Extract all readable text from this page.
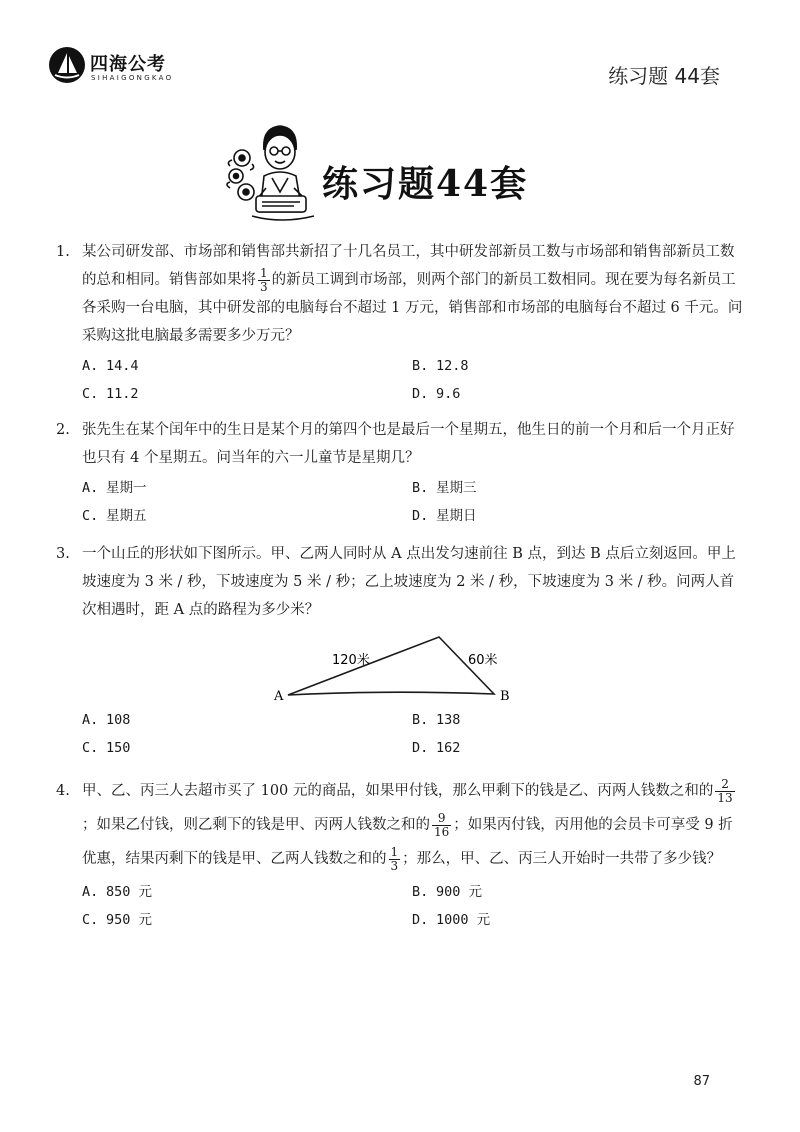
四海公考
SIHAIGONGKAO	练习题 44套
练习题44套
1. 某公司研发部、市场部和销售部共新招了十几名员工，其中研发部新员工数与市场部和销售部新员工数的总和相同。销售部如果将 $\frac{1}{3}$ 的新员工调到市场部，则两个部门的新员工数相同。现在要为每名新员工各采购一台电脑，其中研发部的电脑每台不超过 1 万元，销售部和市场部的电脑每台不超过 6 千元。问采购这批电脑最多需要多少万元？
A. 14.4	B. 12.8
C. 11.2	D. 9.6
2. 张先生在某个闰年中的生日是某个月的第四个也是最后一个星期五，他生日的前一个月和后一个月正好也只有 4 个星期五。问当年的六一儿童节是星期几？
A. 星期一	B. 星期三
C. 星期五	D. 星期日
3. 一个山丘的形状如下图所示。甲、乙两人同时从 A 点出发匀速前往 B 点，到达 B 点后立刻返回。甲上坡速度为 3 米 / 秒，下坡速度为 5 米 / 秒；乙上坡速度为 2 米 / 秒，下坡速度为 3 米 / 秒。问两人首次相遇时，距 A 点的路程为多少米？
A	B
120米	60米
A. 108	B. 138
C. 150	D. 162
4. 甲、乙、丙三人去超市买了 100 元的商品，如果甲付钱，那么甲剩下的钱是乙、丙两人钱数之和的 $\frac{2}{13}$
；如果乙付钱，则乙剩下的钱是甲、丙两人钱数之和的 $\frac{9}{16}$ ；如果丙付钱，丙用他的会员卡可享受 9 折优惠，结果丙剩下的钱是甲、乙两人钱数之和的 $\frac{1}{3}$ ；那么，甲、乙、丙三人开始时一共带了多少钱？
A. 850 元	B. 900 元
C. 950 元	D. 1000 元
87
